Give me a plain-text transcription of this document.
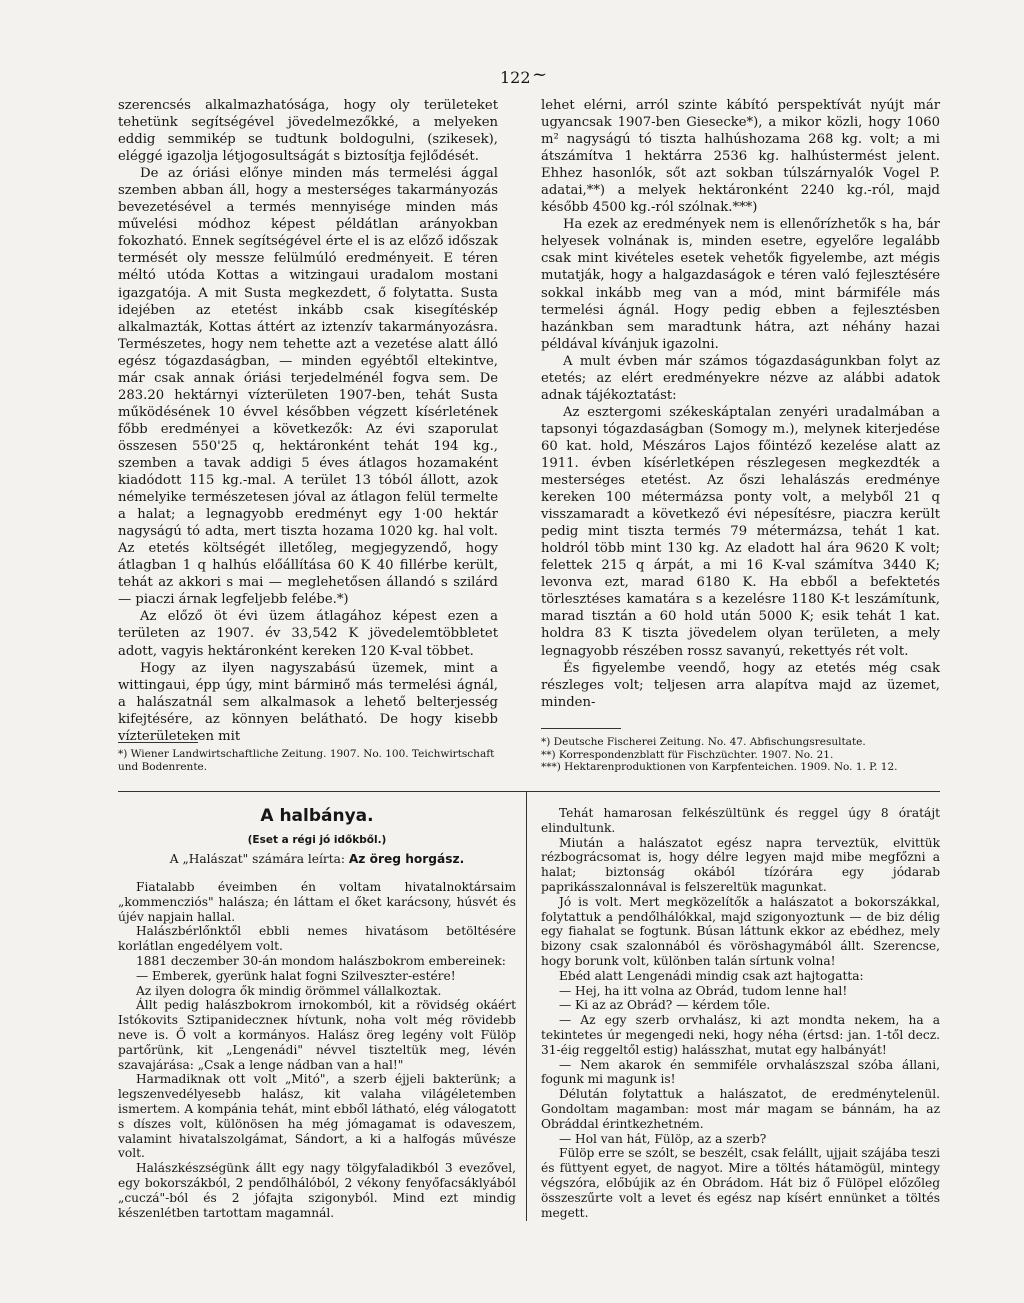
122 ~

szerencsés alkalmazhatósága, hogy oly területeket tehetünk segítségével jövedelmezőkké, a melyeken eddig semmikép se tudtunk boldogulni, (szikesek), eléggé igazolja létjogosultságát s biztosítja fejlődését.

De az óriási előnye minden más termelési ággal szemben abban áll, hogy a mesterséges takarmányozás bevezetésével a termés mennyisége minden más művelési módhoz képest példátlan arányokban fokozható. Ennek segítségével érte el is az előző időszak termését oly messze felülmúló eredményeit. E téren méltó utóda Kottas a witzingaui uradalom mostani igazgatója. A mit Susta megkezdett, ő folytatta. Susta idejében az etetést inkább csak kisegítéskép alkalmazták, Kottas áttért az iztenzív takarmányozásra. Természetes, hogy nem tehette azt a vezetése alatt álló egész tógazdaságban, — minden egyébtől eltekintve, már csak annak óriási terjedelménél fogva sem. De 283.20 hektárnyi vízterületen 1907-ben, tehát Susta működésének 10 évvel későbben végzett kísérletének főbb eredményei a következők: Az évi szaporulat összesen 550'25 q, hektáronként tehát 194 kg., szemben a tavak addigi 5 éves átlagos hozamaként kiadódott 115 kg.-mal. A terület 13 tóból állott, azok némelyike természetesen jóval az átlagon felül termelte a halat; a legnagyobb eredményt egy 1·00 hektár nagyságú tó adta, mert tiszta hozama 1020 kg. hal volt. Az etetés költségét illetőleg, megjegyzendő, hogy átlagban 1 q halhús előállítása 60 K 40 fillérbe került, tehát az akkori s mai — meglehetősen állandó s szilárd — piaczi árnak legfeljebb felébe.*)

Az előző öt évi üzem átlagához képest ezen a területen az 1907. év 33,542 K jövedelemtöbbletet adott, vagyis hektáronként kereken 120 K-val többet.

Hogy az ilyen nagyszabású üzemek, mint a wittingaui, épp úgy, mint bármінő más termelési ágnál, a halászatnál sem alkalmasok a lehető belterjesség kifejtésére, az könnyen belátható. De hogy kisebb vízterületeken mit

*) Wiener Landwirtschaftliche Zeitung. 1907. No. 100. Teichwirtschaft und Bodenrente.

lehet elérni, arról szinte kábító perspektívát nyújt már ugyancsak 1907-ben Giesecke*), a mikor közli, hogy 1060 m² nagyságú tó tiszta halhúshozama 268 kg. volt; a mi átszámítva 1 hektárra 2536 kg. halhústermést jelent. Ehhez hasonlók, sőt azt sokban túlszárnyalók Vogel P. adatai,**) a melyek hektáronként 2240 kg.-ról, majd később 4500 kg.-ról szólnak.***)

Ha ezek az eredmények nem is ellenőrízhetők s ha, bár helyesek volnának is, minden esetre, egyelőre legalább csak mint kivételes esetek vehetők figyelembe, azt mégis mutatják, hogy a halgazdaságok e téren való fejlesztésére sokkal inkább meg van a mód, mint bármiféle más termelési ágnál. Hogy pedig ebben a fejlesztésben hazánkban sem maradtunk hátra, azt néhány hazai példával kívánjuk igazolni.

A mult évben már számos tógazdaságunkban folyt az etetés; az elért eredményekre nézve az alábbi adatok adnak tájékoztatást:

Az esztergomi székeskáptalan zenyéri uradalmában a tapsonyi tógazdaságban (Somogy m.), melynek kiterjedése 60 kat. hold, Mészáros Lajos főintéző kezelése alatt az 1911. évben kísérletképen részlegesen megkezdték a mesterséges etetést. Az őszi lehalászás eredménye kereken 100 métermázsa ponty volt, a melyből 21 q visszamaradt a következő évi népesítésre, piaczra került pedig mint tiszta termés 79 métermázsa, tehát 1 kat. holdról több mint 130 kg. Az eladott hal ára 9620 K volt; felettek 215 q árpát, a mi 16 K-val számítva 3440 K; levonva ezt, marad 6180 K. Ha ebből a befektetés törlesztéses kamatára s a kezelésre 1180 K-t leszámítunk, marad tisztán a 60 hold után 5000 K; esik tehát 1 kat. holdra 83 K tiszta jövedelem olyan területen, a mely legnagyobb részében rossz savanyú, rekettyés rét volt.

És figyelembe veendő, hogy az etetés még csak részleges volt; teljesen arra alapítva majd az üzemet, minden-

*) Deutsche Fischerei Zeitung. No. 47. Abfischungsresultate.

**) Korrespondenzblatt für Fischzüchter. 1907. No. 21.

***) Hektarenproduktionen von Karpfenteichen. 1909. No. 1. P. 12.

A halbánya.
(Eset a régi jó időkből.)
A „Halászat" számára leírta: Az öreg horgász.

Fiatalabb éveimben én voltam hivatalnoktársaim „kommencziós" halásza; én láttam el őket karácsony, húsvét és újév napjain hallal.

Halászbérlőnktől ebbli nemes hivatásom betöltésére korlátlan engedélyem volt.

1881 deczember 30-án mondom halászbokrom embereinek:

— Emberek, gyerünk halat fogni Szilveszter-estére!

Az ilyen dologra ők mindig örömmel vállalkoztak.

Állt pedig halászbokrom irnokomból, kit a rövidség okáért Istókovits Sztipanideczneк hívtunk, noha volt még rövidebb neve is. Ő volt a kormányos. Halász öreg legény volt Fülöp partőrünk, kit „Lengenádi" névvel tiszteltük meg, lévén szavajárása: „Csak a lenge nádban van a hal!"

Harmadiknak ott volt „Mitó", a szerb éjjeli bakterünk; a legszenvedélyesebb halász, kit valaha világéletemben ismertem. A kompánia tehát, mint ebből látható, elég válogatott s díszes volt, különösen ha még jómagamat is odaveszem, valamint hivatalszolgámat, Sándort, a ki a halfogás művésze volt.

Halászkészségünk állt egy nagy tölgyfaladikból 3 evezővel, egy bokorszákból, 2 pendőlhálóból, 2 vékony fenyőfacsáklyából „cuczá"-ból és 2 jófajta szigonyból. Mind ezt mindig készenlétben tartottam magamnál.

Tehát hamarosan felkészültünk és reggel úgy 8 óratájt elindultunk.

Miután a halászatot egész napra terveztük, elvittük rézbográcsomat is, hogy délre legyen majd mibe megfőzni a halat; biztonság okából tízórára egy jódarab paprikásszalonnával is felszereltük magunkat.

Jó is volt. Mert megközelítők a halászatot a bokorszákkal, folytattuk a pendőlhálókkal, majd szigonyoztunk — de biz délig egy fiahalat se fogtunk. Búsan láttunk ekkor az ebédhez, mely bizony csak szalonnából és vöröshagymából állt. Szerencse, hogy borunk volt, különben talán sírtunk volna!

Ebéd alatt Lengenádi mindig csak azt hajtogatta:

— Hej, ha itt volna az Obrád, tudom lenne hal!

— Ki az az Obrád? — kérdem tőle.

— Az egy szerb orvhalász, ki azt mondta nekem, ha a tekintetes úr megengedi neki, hogy néha (értsd: jan. 1-től decz. 31-éig reggeltől estig) halásszhat, mutat egy halbányát!

— Nem akarok én semmiféle orvhalászszal szóba állani, fogunk mi magunk is!

Délután folytattuk a halászatot, de eredménytelenül. Gondoltam magamban: most már magam se bánnám, ha az Obráddal érintkezhetném.

— Hol van hát, Fülöp, az a szerb?

Fülöp erre se szólt, se beszélt, csak felállt, ujjait szájába teszi és füttyent egyet, de nagyot. Mire a töltés hátamögül, mintegy végszóra, előbújik az én Obrádom. Hát biz ő Fülöpel előzőleg összeszűrte volt a levet és egész nap kísért ennünket a töltés megett.
